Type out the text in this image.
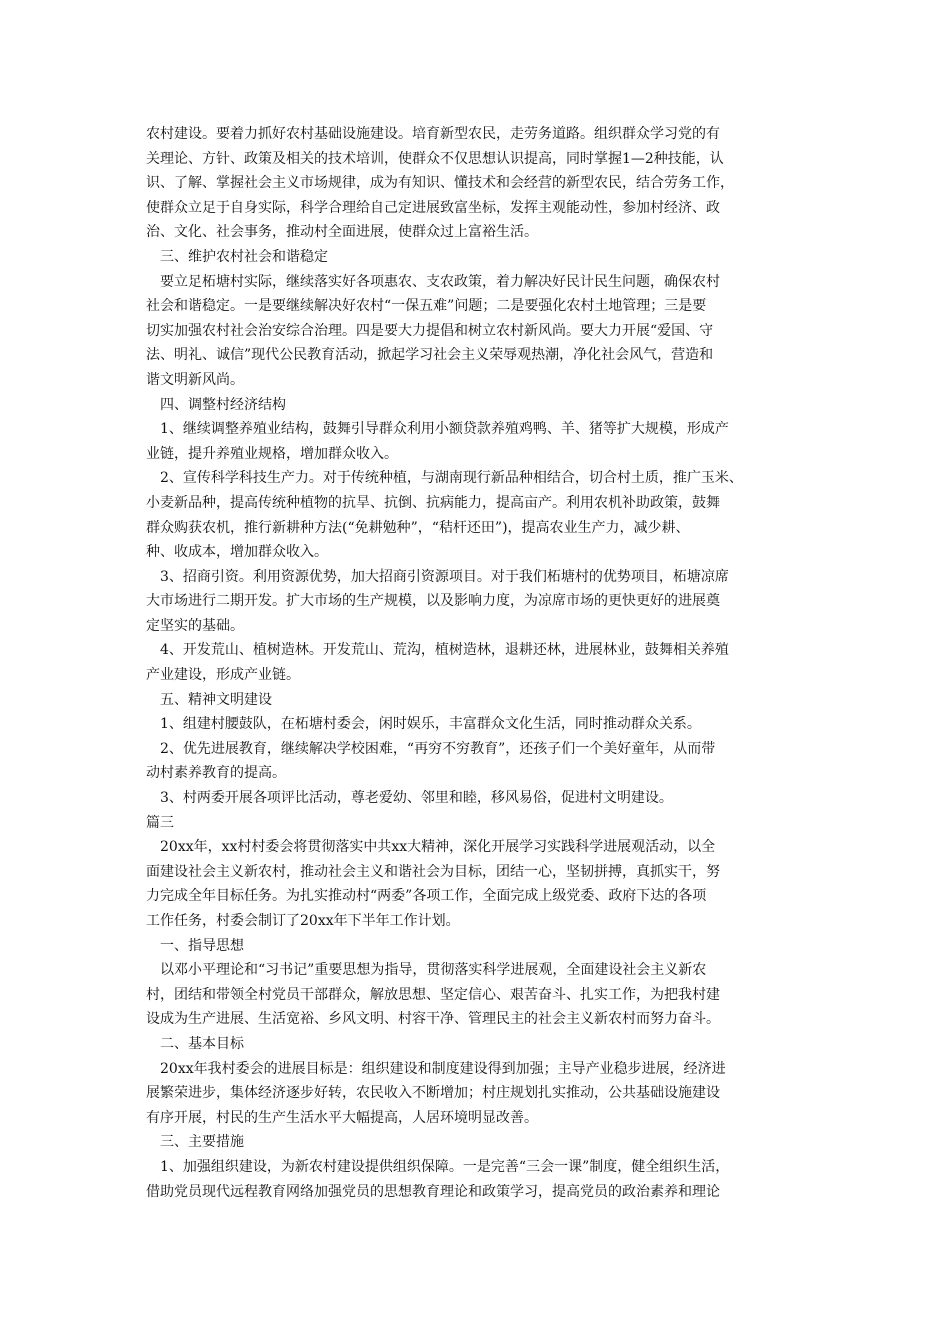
农村建设。要着力抓好农村基础设施建设。培育新型农民，走劳务道路。组织群众学习党的有
关理论、方针、政策及相关的技术培训，使群众不仅思想认识提高，同时掌握1—2种技能，认
识、了解、掌握社会主义市场规律，成为有知识、懂技术和会经营的新型农民，结合劳务工作，
使群众立足于自身实际，科学合理给自己定进展致富坐标，发挥主观能动性，参加村经济、政
治、文化、社会事务，推动村全面进展，使群众过上富裕生活。
三、维护农村社会和谐稳定
要立足柘塘村实际，继续落实好各项惠农、支农政策，着力解决好民计民生问题，确保农村
社会和谐稳定。一是要继续解决好农村“一保五难”问题；二是要强化农村土地管理；三是要
切实加强农村社会治安综合治理。四是要大力提倡和树立农村新风尚。要大力开展“爱国、守
法、明礼、诚信”现代公民教育活动，掀起学习社会主义荣辱观热潮，净化社会风气，营造和
谐文明新风尚。
四、调整村经济结构
1、继续调整养殖业结构，鼓舞引导群众利用小额贷款养殖鸡鸭、羊、猪等扩大规模，形成产
业链，提升养殖业规格，增加群众收入。
2、宣传科学科技生产力。对于传统种植，与湖南现行新品种相结合，切合村土质，推广玉米、
小麦新品种，提高传统种植物的抗旱、抗倒、抗病能力，提高亩产。利用农机补助政策，鼓舞
群众购获农机，推行新耕种方法(“免耕勉种”，“秸杆还田”)，提高农业生产力，减少耕、
种、收成本，增加群众收入。
3、招商引资。利用资源优势，加大招商引资源项目。对于我们柘塘村的优势项目，柘塘凉席
大市场进行二期开发。扩大市场的生产规模，以及影响力度，为凉席市场的更快更好的进展奠
定坚实的基础。
4、开发荒山、植树造林。开发荒山、荒沟，植树造林，退耕还林，进展林业，鼓舞相关养殖
产业建设，形成产业链。
五、精神文明建设
1、组建村腰鼓队，在柘塘村委会，闲时娱乐，丰富群众文化生活，同时推动群众关系。
2、优先进展教育，继续解决学校困难，“再穷不穷教育”，还孩子们一个美好童年，从而带
动村素养教育的提高。
3、村两委开展各项评比活动，尊老爱幼、邻里和睦，移风易俗，促进村文明建设。
篇三
20xx年，xx村村委会将贯彻落实中共xx大精神，深化开展学习实践科学进展观活动，以全
面建设社会主义新农村，推动社会主义和谐社会为目标，团结一心，坚韧拼搏，真抓实干，努
力完成全年目标任务。为扎实推动村“两委”各项工作，全面完成上级党委、政府下达的各项
工作任务，村委会制订了20xx年下半年工作计划。
一、指导思想
以邓小平理论和“习书记”重要思想为指导，贯彻落实科学进展观，全面建设社会主义新农
村，团结和带领全村党员干部群众，解放思想、坚定信心、艰苦奋斗、扎实工作，为把我村建
设成为生产进展、生活宽裕、乡风文明、村容干净、管理民主的社会主义新农村而努力奋斗。
二、基本目标
20xx年我村委会的进展目标是：组织建设和制度建设得到加强；主导产业稳步进展，经济进
展繁荣进步，集体经济逐步好转，农民收入不断增加；村庄规划扎实推动，公共基础设施建设
有序开展，村民的生产生活水平大幅提高，人居环境明显改善。
三、主要措施
1、加强组织建设，为新农村建设提供组织保障。一是完善“三会一课”制度，健全组织生活，
借助党员现代远程教育网络加强党员的思想教育理论和政策学习，提高党员的政治素养和理论
